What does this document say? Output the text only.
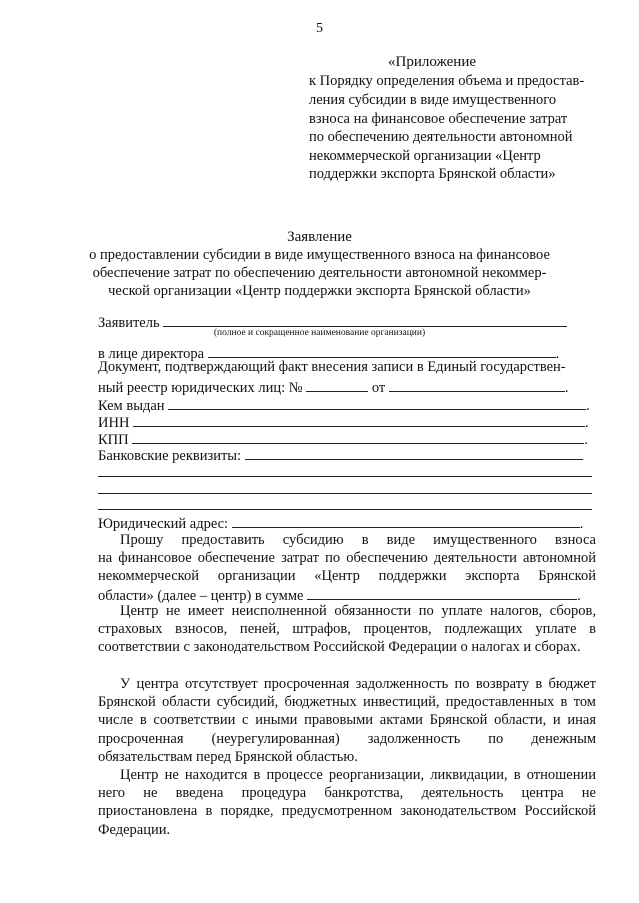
5
«Приложение
к Порядку определения объема и предостав-
ления субсидии в виде имущественного
взноса на финансовое обеспечение затрат
по обеспечению деятельности автономной
некоммерческой организации «Центр
поддержки экспорта Брянской области»
Заявление
о предоставлении субсидии в виде имущественного взноса на финансовое
обеспечение затрат по обеспечению деятельности автономной некоммер-
ческой организации «Центр поддержки экспорта Брянской области»
Заявитель
(полное и сокращенное наименование организации)
в лице директора	.
Документ, подтверждающий факт внесения записи в Единый государствен-
ный реестр юридических лиц: №	от	.
Кем выдан	.
ИНН	.
КПП	.
Банковские реквизиты:
Юридический адрес:	.
Прошу предоставить субсидию в виде имущественного взноса
на финансовое обеспечение затрат по обеспечению деятельности автономной
некоммерческой организации «Центр поддержки экспорта Брянской
области» (далее – центр) в сумме	.
Центр не имеет неисполненной обязанности по уплате налогов, сборов, страховых взносов, пеней, штрафов, процентов, подлежащих уплате в соответствии с законодательством Российской Федерации о налогах и сборах.
У центра отсутствует просроченная задолженность по возврату в бюджет Брянской области субсидий, бюджетных инвестиций, предоставленных в том числе в соответствии с иными правовыми актами Брянской области, и иная просроченная (неурегулированная) задолженность по денежным обязательствам перед Брянской областью.
Центр не находится в процессе реорганизации, ликвидации, в отношении него не введена процедура банкротства, деятельность центра не приостановлена в порядке, предусмотренном законодательством Российской Федерации.
